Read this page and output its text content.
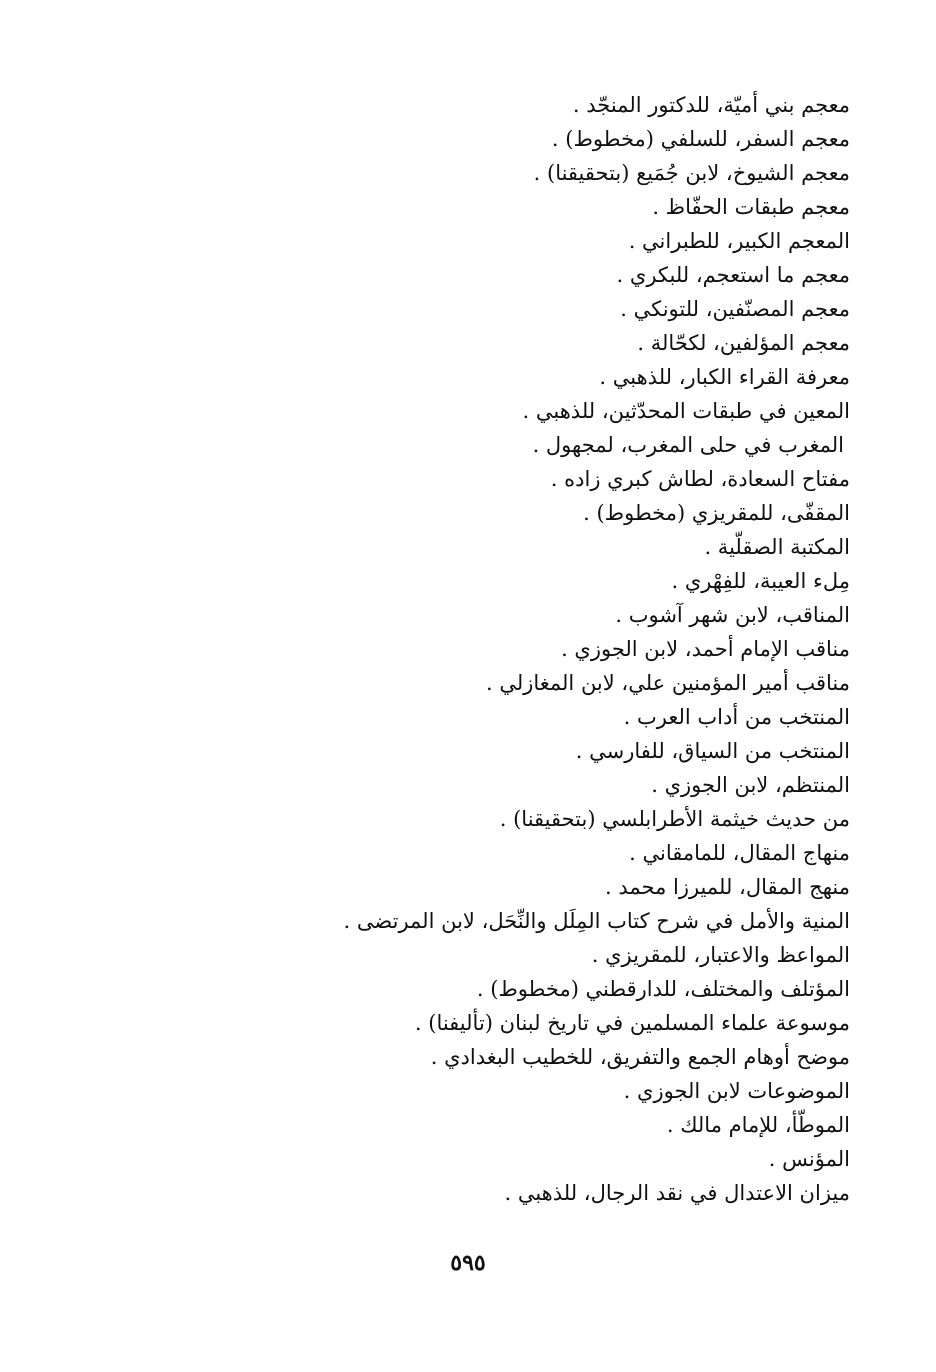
معجم بني أميّة، للدكتور المنجّد .
معجم السفر، للسلفي (مخطوط) .
معجم الشيوخ، لابن جُمَيع (بتحقيقنا) .
معجم طبقات الحفّاظ .
المعجم الكبير، للطبراني .
معجم ما استعجم، للبكري .
معجم المصنّفين، للتونكي .
معجم المؤلفين، لكحّالة .
معرفة القراء الكبار، للذهبي .
المعين في طبقات المحدّثين، للذهبي .
المغرب في حلى المغرب، لمجهول .
مفتاح السعادة، لطاش كبري زاده .
المقفّى، للمقريزي (مخطوط) .
المكتبة الصقلّية .
مِلء العيبة، للفِهْري .
المناقب، لابن شهر آشوب .
مناقب الإمام أحمد، لابن الجوزي .
مناقب أمير المؤمنين علي، لابن المغازلي .
المنتخب من أداب العرب .
المنتخب من السياق، للفارسي .
المنتظم، لابن الجوزي .
من حديث خيثمة الأطرابلسي (بتحقيقنا) .
منهاج المقال، للمامقاني .
منهج المقال، للميرزا محمد .
المنية والأمل في شرح كتاب المِلَل والنِّحَل، لابن المرتضى .
المواعظ والاعتبار، للمقريزي .
المؤتلف والمختلف، للدارقطني (مخطوط) .
موسوعة علماء المسلمين في تاريخ لبنان (تأليفنا) .
موضح أوهام الجمع والتفريق، للخطيب البغدادي .
الموضوعات لابن الجوزي .
الموطّأ، للإمام مالك .
المؤنس .
ميزان الاعتدال في نقد الرجال، للذهبي .
٥٩٥
